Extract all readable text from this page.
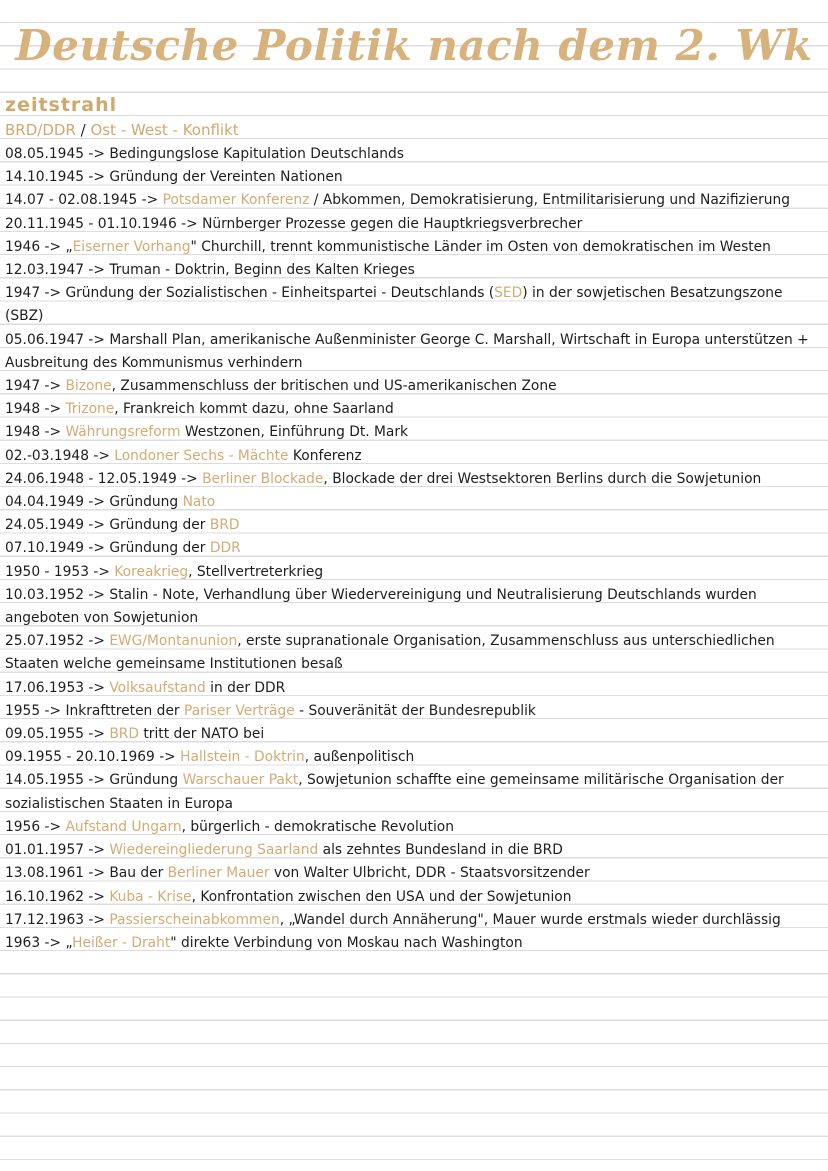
Deutsche Politik nach dem 2. Wk
zeitstrahl
BRD/DDR / Ost - West - Konflikt

08.05.1945 -> Bedingungslose Kapitulation Deutschlands

14.10.1945 -> Gründung der Vereinten Nationen

14.07 - 02.08.1945 -> Potsdamer Konferenz / Abkommen, Demokratisierung, Entmilitarisierung und Nazifizierung

20.11.1945 - 01.10.1946 -> Nürnberger Prozesse gegen die Hauptkriegsverbrecher

1946 -> „Eiserner Vorhang" Churchill, trennt kommunistische Länder im Osten von demokratischen im Westen

12.03.1947 -> Truman - Doktrin, Beginn des Kalten Krieges

1947 -> Gründung der Sozialistischen - Einheitspartei - Deutschlands (SED) in der sowjetischen Besatzungszone (SBZ)

05.06.1947 -> Marshall Plan, amerikanische Außenminister George C. Marshall, Wirtschaft in Europa unterstützen + Ausbreitung des Kommunismus verhindern

1947 -> Bizone, Zusammenschluss der britischen und US-amerikanischen Zone

1948 -> Trizone, Frankreich kommt dazu, ohne Saarland

1948 -> Währungsreform Westzonen, Einführung Dt. Mark

02.-03.1948 -> Londoner Sechs - Mächte Konferenz

24.06.1948 - 12.05.1949 -> Berliner Blockade, Blockade der drei Westsektoren Berlins durch die Sowjetunion

04.04.1949 -> Gründung Nato

24.05.1949 -> Gründung der BRD

07.10.1949 -> Gründung der DDR

1950 - 1953 -> Koreakrieg, Stellvertreterkrieg

10.03.1952 -> Stalin - Note, Verhandlung über Wiedervereinigung und Neutralisierung Deutschlands wurden angeboten von Sowjetunion

25.07.1952 -> EWG/Montanunion, erste supranationale Organisation, Zusammenschluss aus unterschiedlichen Staaten welche gemeinsame Institutionen besaß

17.06.1953 -> Volksaufstand in der DDR

1955 -> Inkrafttreten der Pariser Verträge - Souveränität der Bundesrepublik

09.05.1955 -> BRD tritt der NATO bei

09.1955 - 20.10.1969 -> Hallstein - Doktrin, außenpolitisch

14.05.1955 -> Gründung Warschauer Pakt, Sowjetunion schaffte eine gemeinsame militärische Organisation der sozialistischen Staaten in Europa

1956 -> Aufstand Ungarn, bürgerlich - demokratische Revolution

01.01.1957 -> Wiedereingliederung Saarland als zehntes Bundesland in die BRD

13.08.1961 -> Bau der Berliner Mauer von Walter Ulbricht, DDR - Staatsvorsitzender

16.10.1962 -> Kuba - Krise, Konfrontation zwischen den USA und der Sowjetunion

17.12.1963 -> Passierscheinabkommen, „Wandel durch Annäherung", Mauer wurde erstmals wieder durchlässig

1963 -> „Heißer - Draht" direkte Verbindung von Moskau nach Washington
